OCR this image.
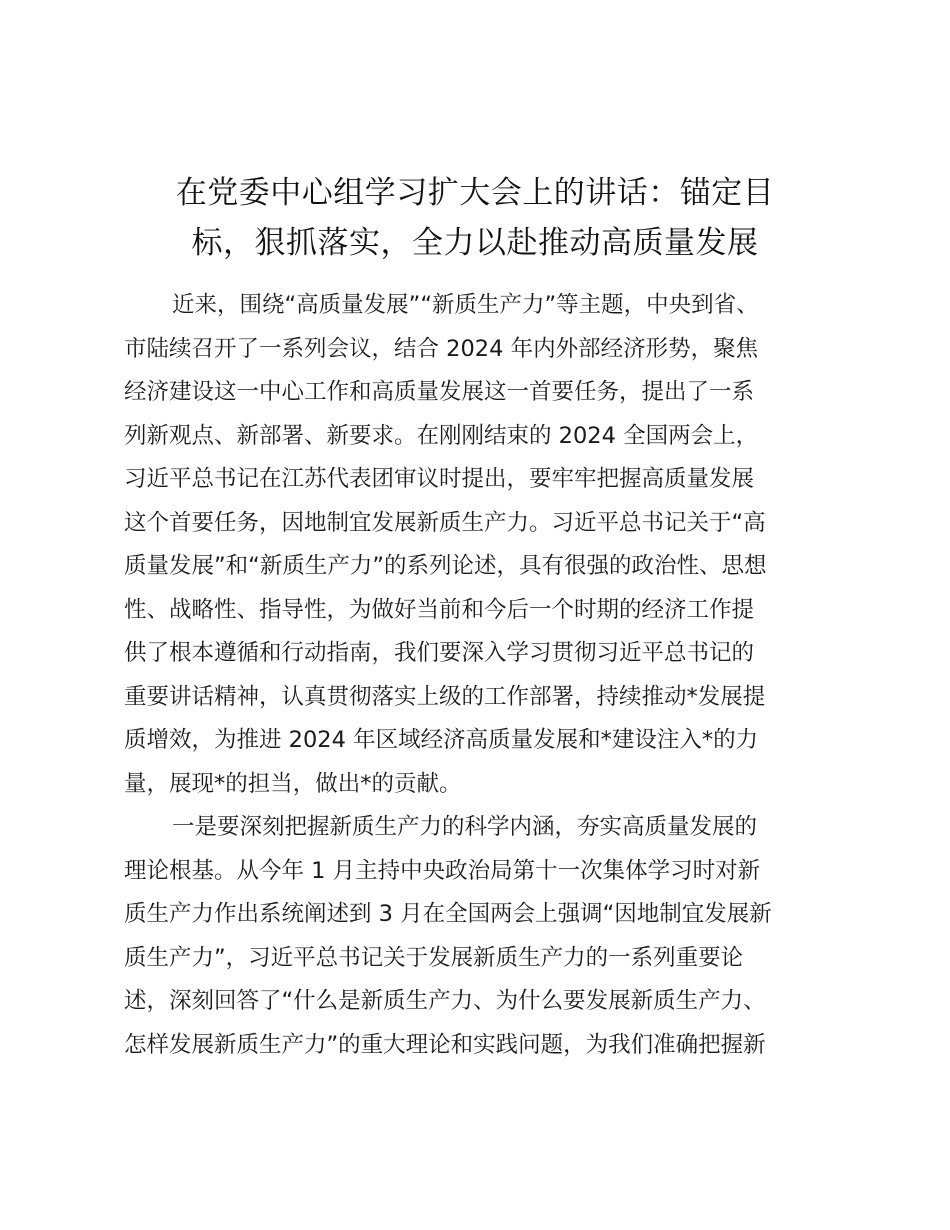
在党委中心组学习扩大会上的讲话：锚定目
标，狠抓落实，全力以赴推动高质量发展
近来，围绕“高质量发展”“新质生产力”等主题，中央到省、
市陆续召开了一系列会议，结合 2024 年内外部经济形势，聚焦
经济建设这一中心工作和高质量发展这一首要任务，提出了一系
列新观点、新部署、新要求。在刚刚结束的 2024 全国两会上，
习近平总书记在江苏代表团审议时提出，要牢牢把握高质量发展
这个首要任务，因地制宜发展新质生产力。习近平总书记关于“高
质量发展”和“新质生产力”的系列论述，具有很强的政治性、思想
性、战略性、指导性，为做好当前和今后一个时期的经济工作提
供了根本遵循和行动指南，我们要深入学习贯彻习近平总书记的
重要讲话精神，认真贯彻落实上级的工作部署，持续推动*发展提
质增效，为推进 2024 年区域经济高质量发展和*建设注入*的力
量，展现*的担当，做出*的贡献。
一是要深刻把握新质生产力的科学内涵，夯实高质量发展的
理论根基。从今年 1 月主持中央政治局第十一次集体学习时对新
质生产力作出系统阐述到 3 月在全国两会上强调“因地制宜发展新
质生产力”，习近平总书记关于发展新质生产力的一系列重要论
述，深刻回答了“什么是新质生产力、为什么要发展新质生产力、
怎样发展新质生产力”的重大理论和实践问题，为我们准确把握新
